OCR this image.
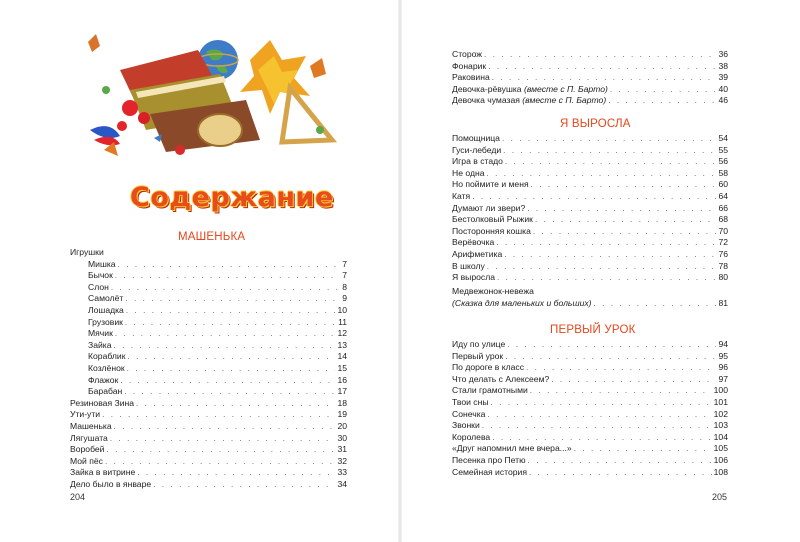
Содержание
МАШЕНЬКА
Игрушки
Мишка . . .	7
Бычок . . .	7
Слон . . .	8
Самолёт . . .	9
Лошадка . . .	10
Грузовик . . .	11
Мячик . . .	12
Зайка . . .	13
Кораблик . . .	14
Козлёнок . . .	15
Флажок . . .	16
Барабан . . .	17
Резиновая Зина . . .	18
Ути-ути . . .	19
Машенька . . .	20
Лягушата . . .	30
Воробей . . .	31
Мой пёс . . .	32
Зайка в витрине . . .	33
Дело было в январе . . .	34
204
Сторож . . .	36
Фонарик . . .	38
Раковина . . .	39
Девочка-рёвушка (вместе с П. Барто) . . .	40
Девочка чумазая (вместе с П. Барто) . . .	46
Я ВЫРОСЛА
Помощница . . .	54
Гуси-лебеди . . .	55
Игра в стадо . . .	56
Не одна . . .	58
Но поймите и меня . . .	60
Катя . . .	64
Думают ли звери? . . .	66
Бестолковый Рыжик . . .	68
Посторонняя кошка . . .	70
Верёвочка . . .	72
Арифметика . . .	76
В школу . . .	78
Я выросла . . .	80
Медвежонок-невежа
(Сказка для маленьких и больших) . . .	81
ПЕРВЫЙ УРОК
Иду по улице . . .	94
Первый урок . . .	95
По дороге в класс . . .	96
Что делать с Алексеем? . . .	97
Стали грамотными . . .	100
Твои сны . . .	101
Сонечка . . .	102
Звонки . . .	103
Королева . . .	104
«Друг напомнил мне вчера...» . . .	105
Песенка про Петю . . .	106
Семейная история . . .	108
205
